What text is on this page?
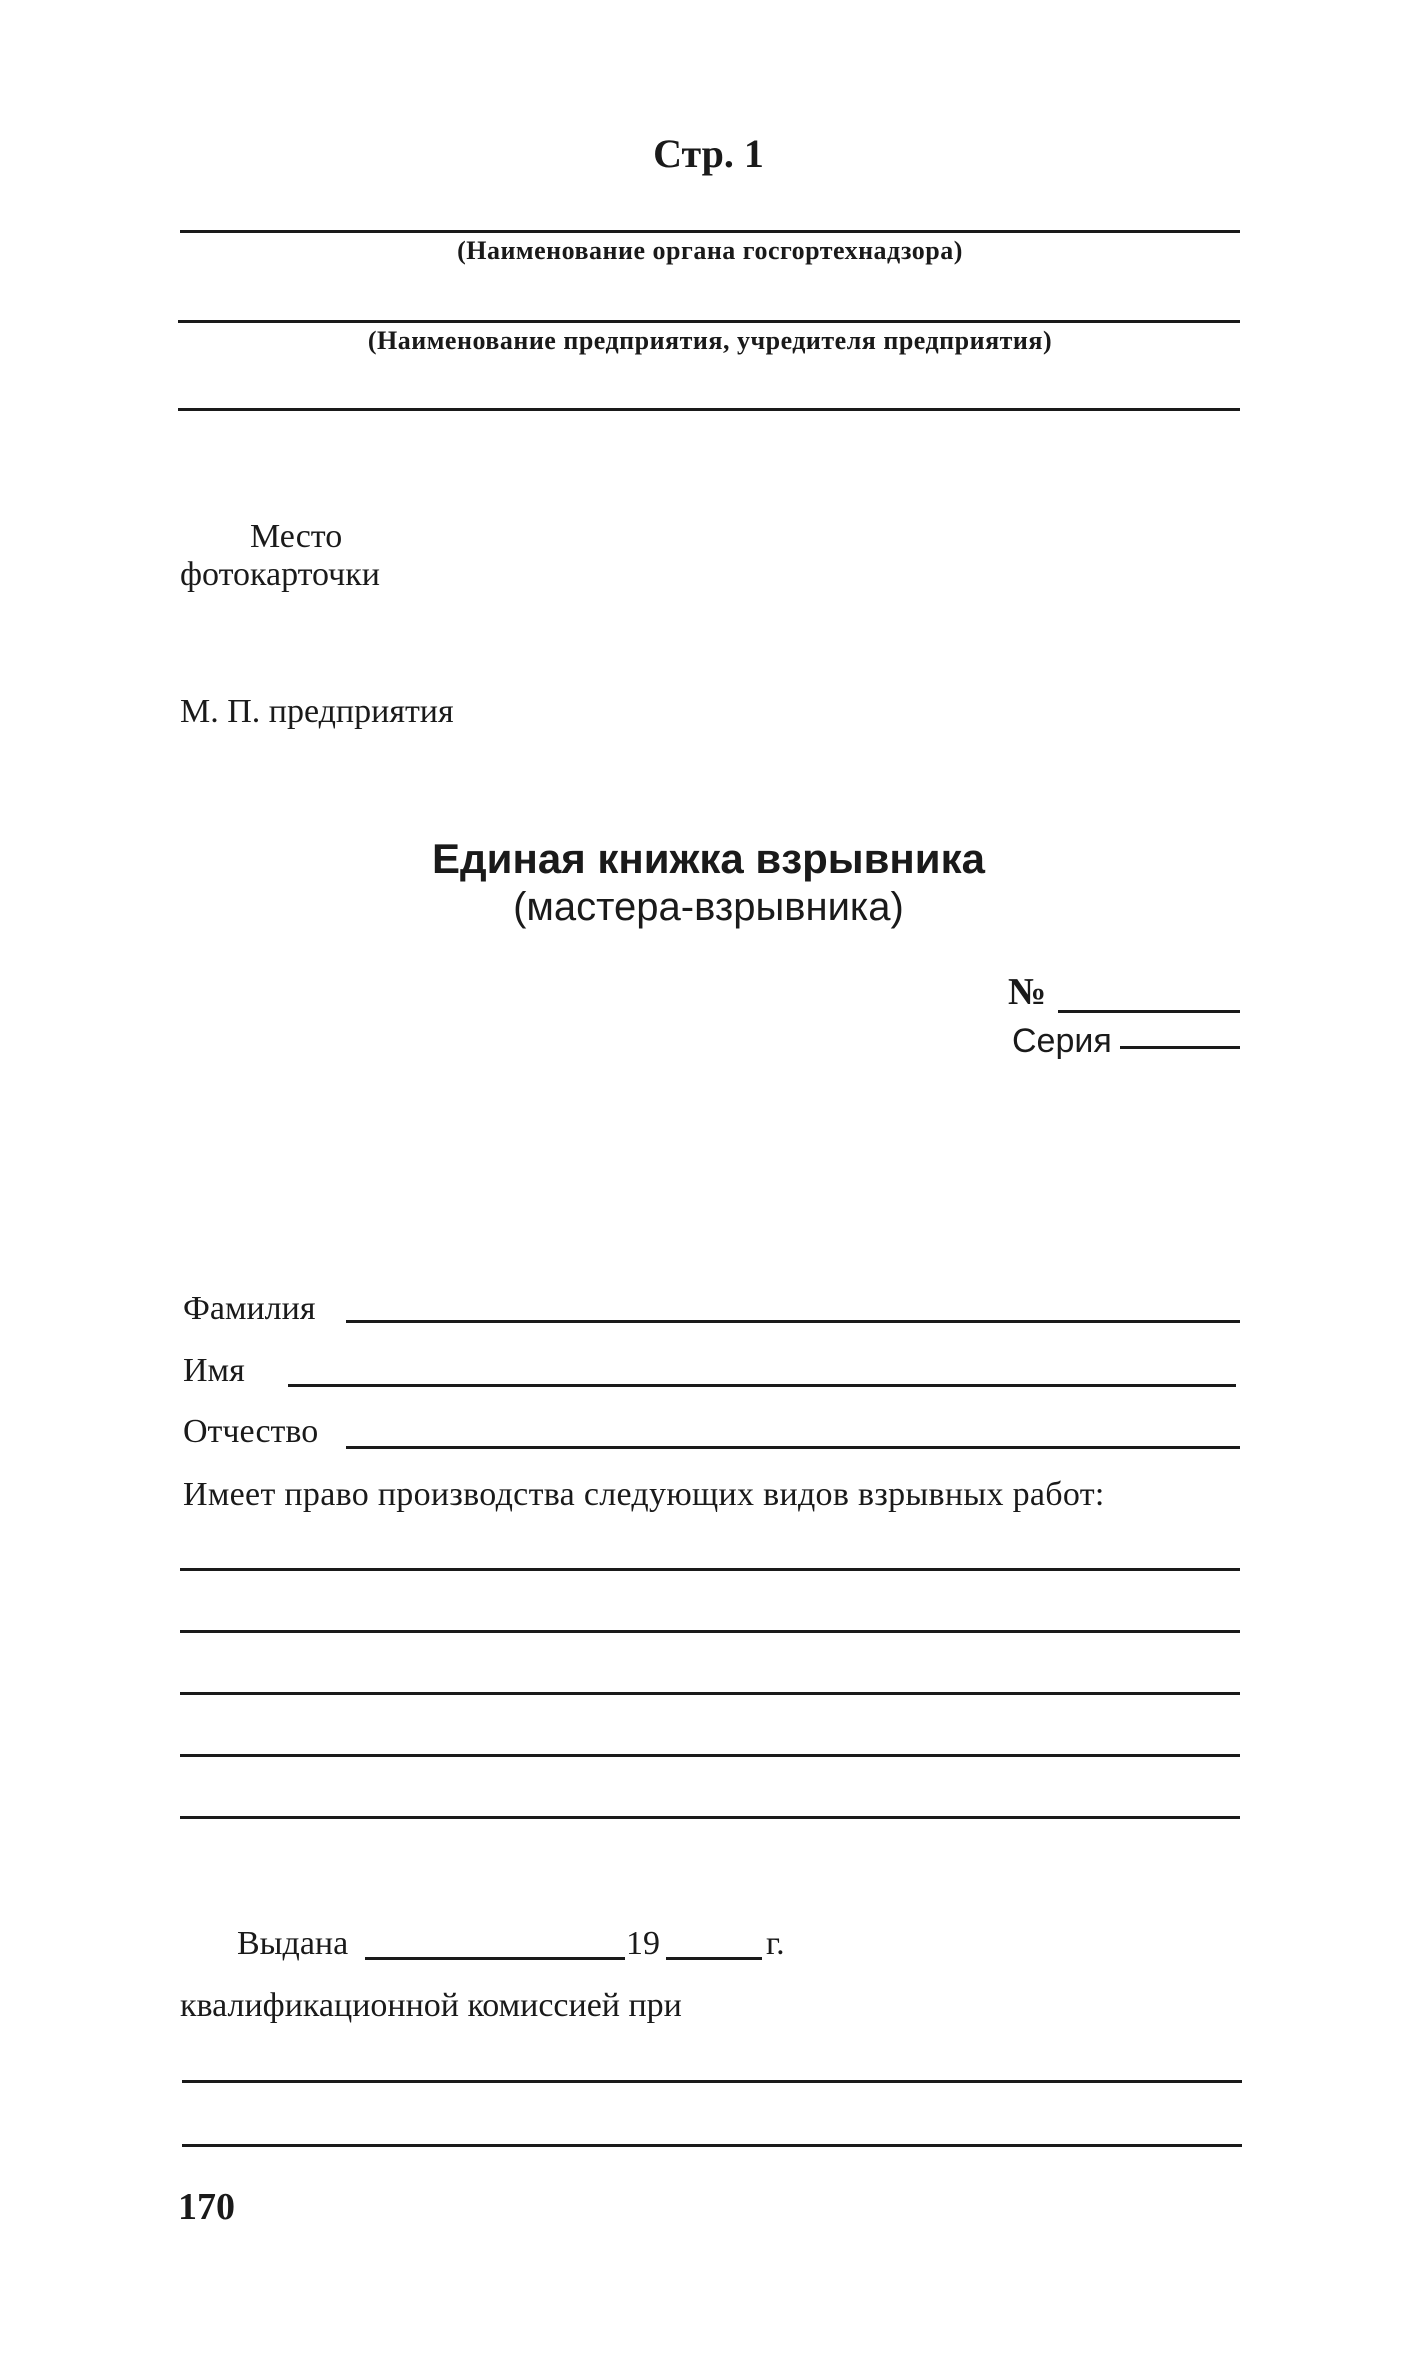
Стр. 1
(Наименование органа госгортехнадзора)
(Наименование предприятия, учредителя предприятия)
Место
фотокарточки
М. П. предприятия
Единая книжка взрывника
(мастера-взрывника)
№
Серия
Фамилия
Имя
Отчество
Имеет право производства следующих видов взрывных работ:
Выдана	19	г.
квалификационной комиссией при
170
